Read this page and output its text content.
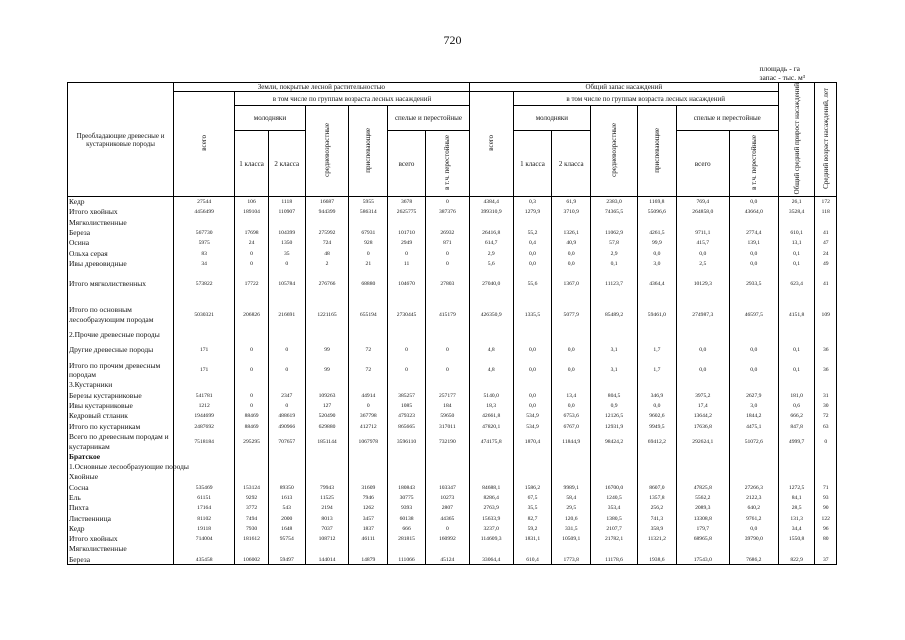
720
площадь - га
запас - тыс. м³
Преобладающие древесные и кустарниковые породы	Земли, покрытые лесной растительностью							Общий запас насаждений							Общий средний прирост насаждений	Средний возраст насаждений, лет
	всего	в том числе по группам возраста лесных насаждений						всего	в том числе по группам возраста лесных насаждений							
		молодняки		средневозрастные	приспевающие	спелые и перестойные			молодняки		средневозрастные	приспевающие	спелые и перестойные			
		1 класса	2 класса			всего	в т.ч. перестойные		1 класса	2 класса			всего	в т.ч. перестойные		
Кедр	27544	106	1118	16687	5955	3678	0	4384,4	0,3	61,9	2383,0	1169,8	769,4	0,0	26,1	172
Итого хвойных	4456499	189104	110907	944399	586314	2625775	387376	399310,9	1279,9	3710,9	74365,5	55096,6	264858,0	43664,0	3528,4	118
Мягколиственные																
Береза	567730	17698	104399	275992	67931	101710	26932	26416,8	55,2	1326,1	11062,9	4261,5	9711,1	2774,4	610,1	41
Осина	5975	24	1350	724	928	2949	871	614,7	0,4	40,9	57,8	99,9	415,7	139,1	13,1	47
Ольха серая	83	0	35	48	0	0	0	2,9	0,0	0,0	2,9	0,0	0,0	0,0	0,1	24
Ивы древовидные	34	0	0	2	21	11	0	5,6	0,0	0,0	0,1	3,0	2,5	0,0	0,1	49

Итого мягколиственных	573822	17722	105784	276766	68880	104670	27803	27040,0	55,6	1367,0	11123,7	4364,4	10129,3	2933,5	623,4	41

Итого по основным лесообразующим породам	5030321	206826	216691	1221165	655194	2730445	415179	426350,9	1335,5	5077,9	85489,2	59461,0	274987,3	46597,5	4151,8	109
2.Прочие древесные породы																
Другие древесные породы	171	0	0	99	72	0	0	4,8	0,0	0,0	3,1	1,7	0,0	0,0	0,1	36
Итого по прочим древесным породам	171	0	0	99	72	0	0	4,8	0,0	0,0	3,1	1,7	0,0	0,0	0,1	36
3.Кустарники																
Березы кустарниковые	541781	0	2347	109263	44914	385257	257177	5140,0	0,0	13,4	804,5	346,9	3975,2	2627,9	181,0	31
Ивы кустарниковые	1212	0	0	127	0	1085	184	18,3	0,0	0,0	0,9	0,0	17,4	3,0	0,6	30
Кедровый стланик	1944699	88469	488619	520490	367798	479323	59650	42661,8	534,9	6753,6	12126,5	9602,6	13644,2	1844,2	666,2	72
Итого по кустарникам	2487692	88469	490966	629880	412712	865665	317011	47820,1	534,9	6767,0	12931,9	9949,5	17636,8	4475,1	847,8	63
Всего по древесным породам и кустарникам	7518184	295295	707657	1851144	1067978	3596110	732190	474175,8	1870,4	11844,9	98424,2	69412,2	292624,1	51072,6	4999,7	0
Братское																
1.Основные лесообразующие породы																
Хвойные																
Сосна	535469	153124	89350	79943	31609	180843	103347	84688,1	1586,2	9989,1	16700,0	8607,0	47825,8	27266,3	1272,5	71
Ель	61151	9292	1613	11525	7946	30775	10273	8286,4	67,5	58,4	1240,5	1357,8	5562,2	2122,3	84,1	93
Пихта	17164	3772	543	2194	1262	9393	2807	2763,9	35,5	29,5	353,4	256,2	2089,3	640,2	28,5	90
Лиственница	81102	7494	2000	8013	3457	60138	44365	15633,9	82,7	120,6	1380,5	741,3	13308,8	9761,2	131,3	122
Кедр	19118	7930	1648	7037	1837	666	0	3237,0	59,2	331,5	2107,7	358,9	179,7	0,0	34,4	96
Итого хвойных	714004	181612	95754	108712	46111	281815	160992	114609,3	1831,1	10509,1	21782,1	11321,2	68965,8	39790,0	1550,8	80
Мягколиственные																
Береза	435458	106002	59497	144014	14879	111066	45124	33064,4	610,4	1773,8	11178,6	1938,6	17543,0	7686,2	822,9	37
